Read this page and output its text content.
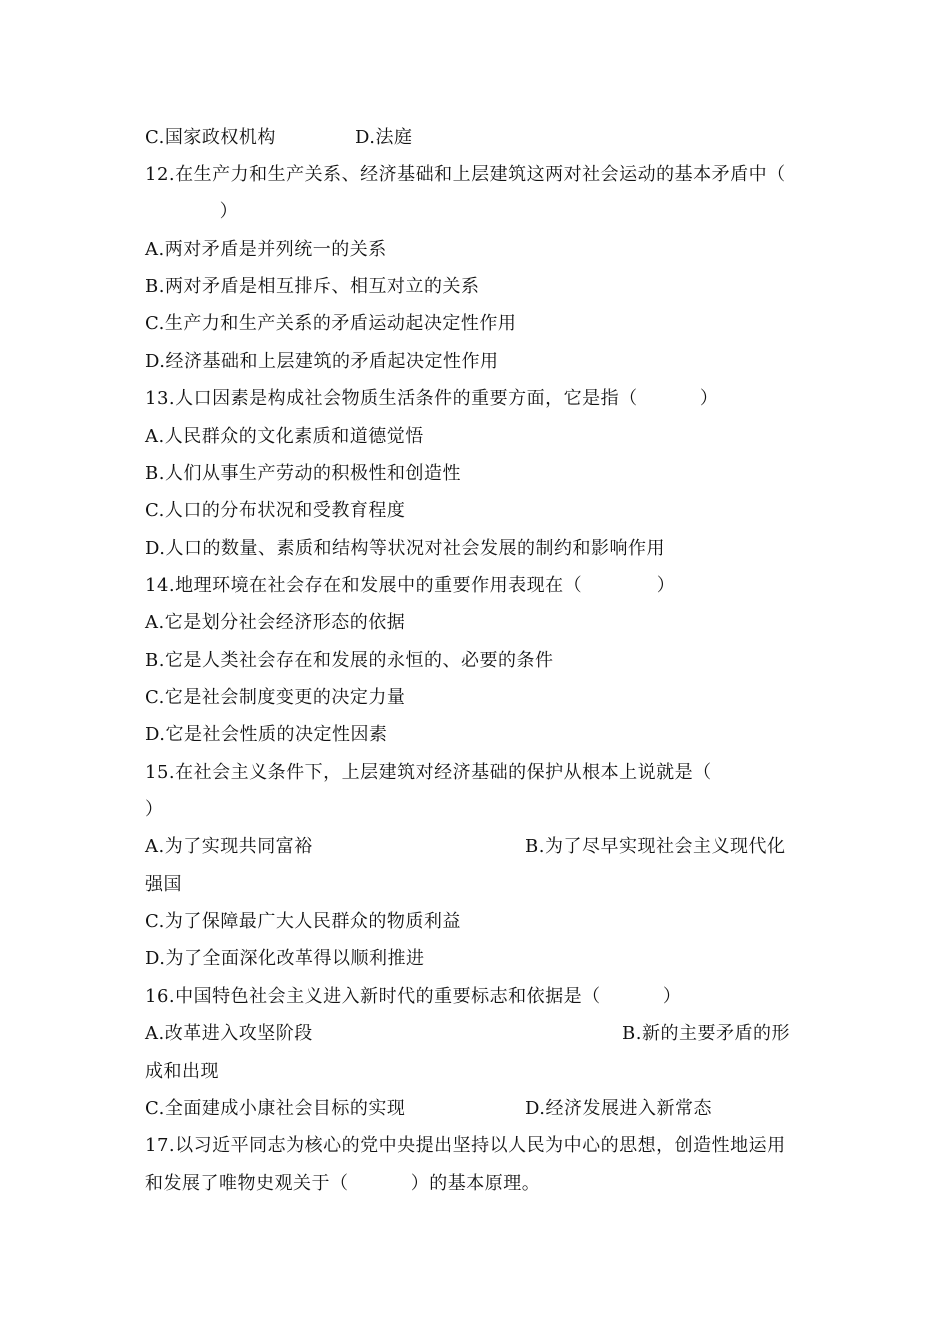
C.国家政权机构	D.法庭
12.在生产力和生产关系、经济基础和上层建筑这两对社会运动的基本矛盾中（
）
A.两对矛盾是并列统一的关系
B.两对矛盾是相互排斥、相互对立的关系
C.生产力和生产关系的矛盾运动起决定性作用
D.经济基础和上层建筑的矛盾起决定性作用
13.人口因素是构成社会物质生活条件的重要方面，它是指（          ）
A.人民群众的文化素质和道德觉悟
B.人们从事生产劳动的积极性和创造性
C.人口的分布状况和受教育程度
D.人口的数量、素质和结构等状况对社会发展的制约和影响作用
14.地理环境在社会存在和发展中的重要作用表现在（            ）
A.它是划分社会经济形态的依据
B.它是人类社会存在和发展的永恒的、必要的条件
C.它是社会制度变更的决定力量
D.它是社会性质的决定性因素
15.在社会主义条件下，上层建筑对经济基础的保护从根本上说就是（
）
A.为了实现共同富裕	B.为了尽早实现社会主义现代化
强国
C.为了保障最广大人民群众的物质利益
D.为了全面深化改革得以顺利推进
16.中国特色社会主义进入新时代的重要标志和依据是（          ）
A.改革进入攻坚阶段	B.新的主要矛盾的形
成和出现
C.全面建成小康社会目标的实现	D.经济发展进入新常态
17.以习近平同志为核心的党中央提出坚持以人民为中心的思想，创造性地运用
和发展了唯物史观关于（          ）的基本原理。
